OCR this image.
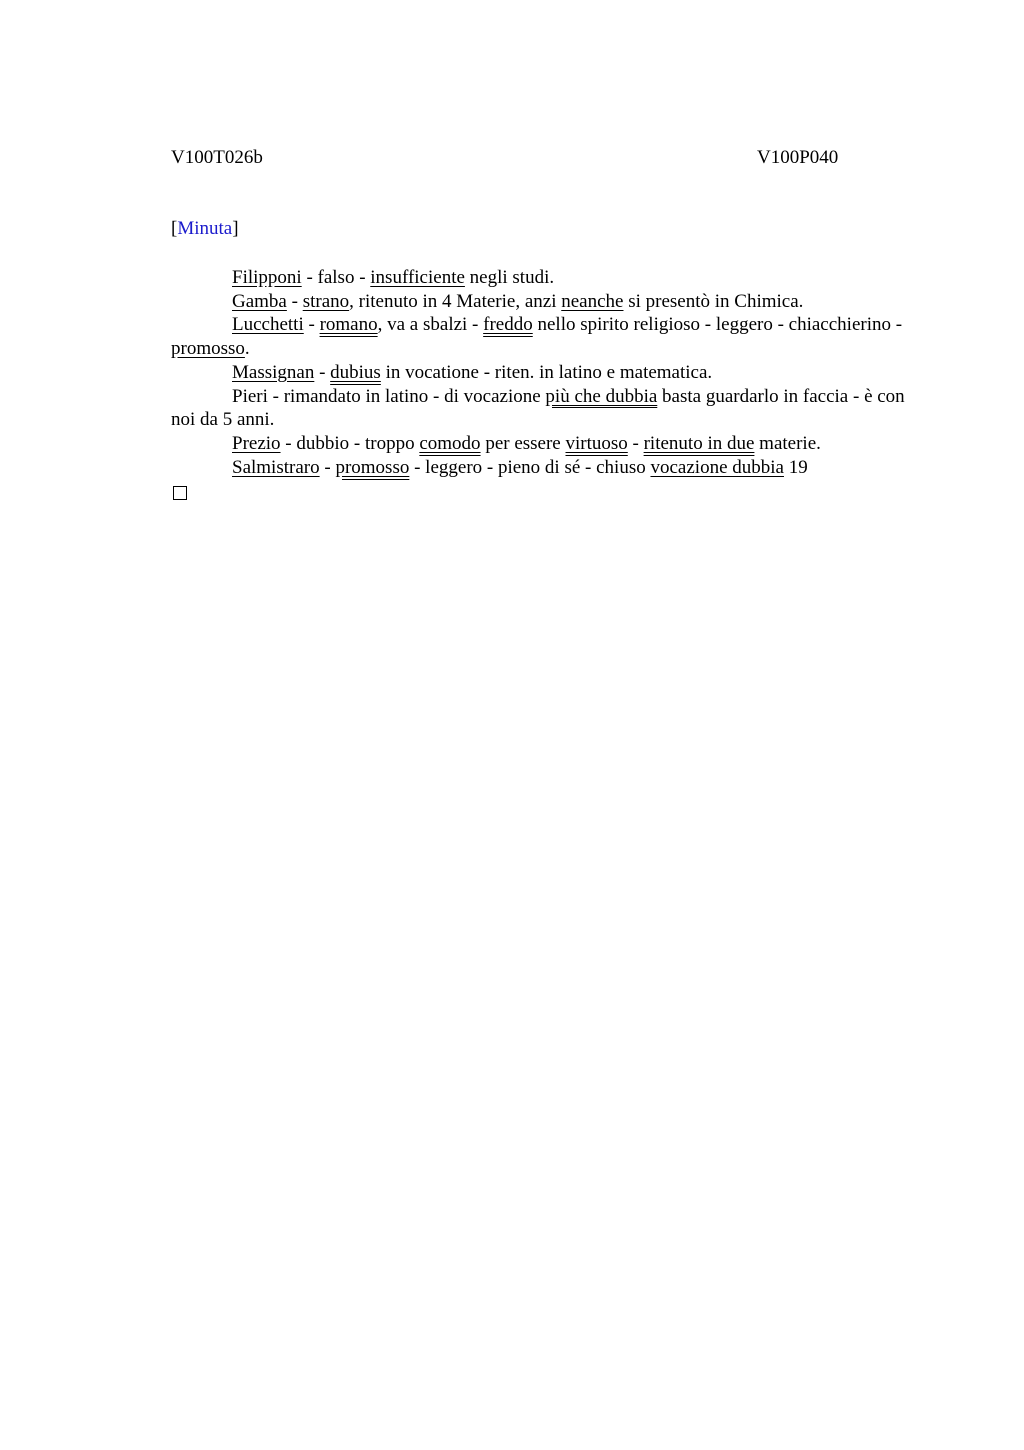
V100T026b	V100P040
[Minuta]

Filipponi - falso - insufficiente negli studi.

Gamba - strano, ritenuto in 4 Materie, anzi neanche si presentò in Chimica.

Lucchetti - romano, va a sbalzi - freddo nello spirito religioso - leggero - chiacchierino - promosso.

Massignan - dubius in vocatione - riten. in latino e matematica.

Pieri - rimandato in latino - di vocazione più che dubbia basta guardarlo in faccia - è con noi da 5 anni.

Prezio - dubbio - troppo comodo per essere virtuoso - ritenuto in due materie.

Salmistraro - promosso - leggero - pieno di sé - chiuso vocazione dubbia 19
